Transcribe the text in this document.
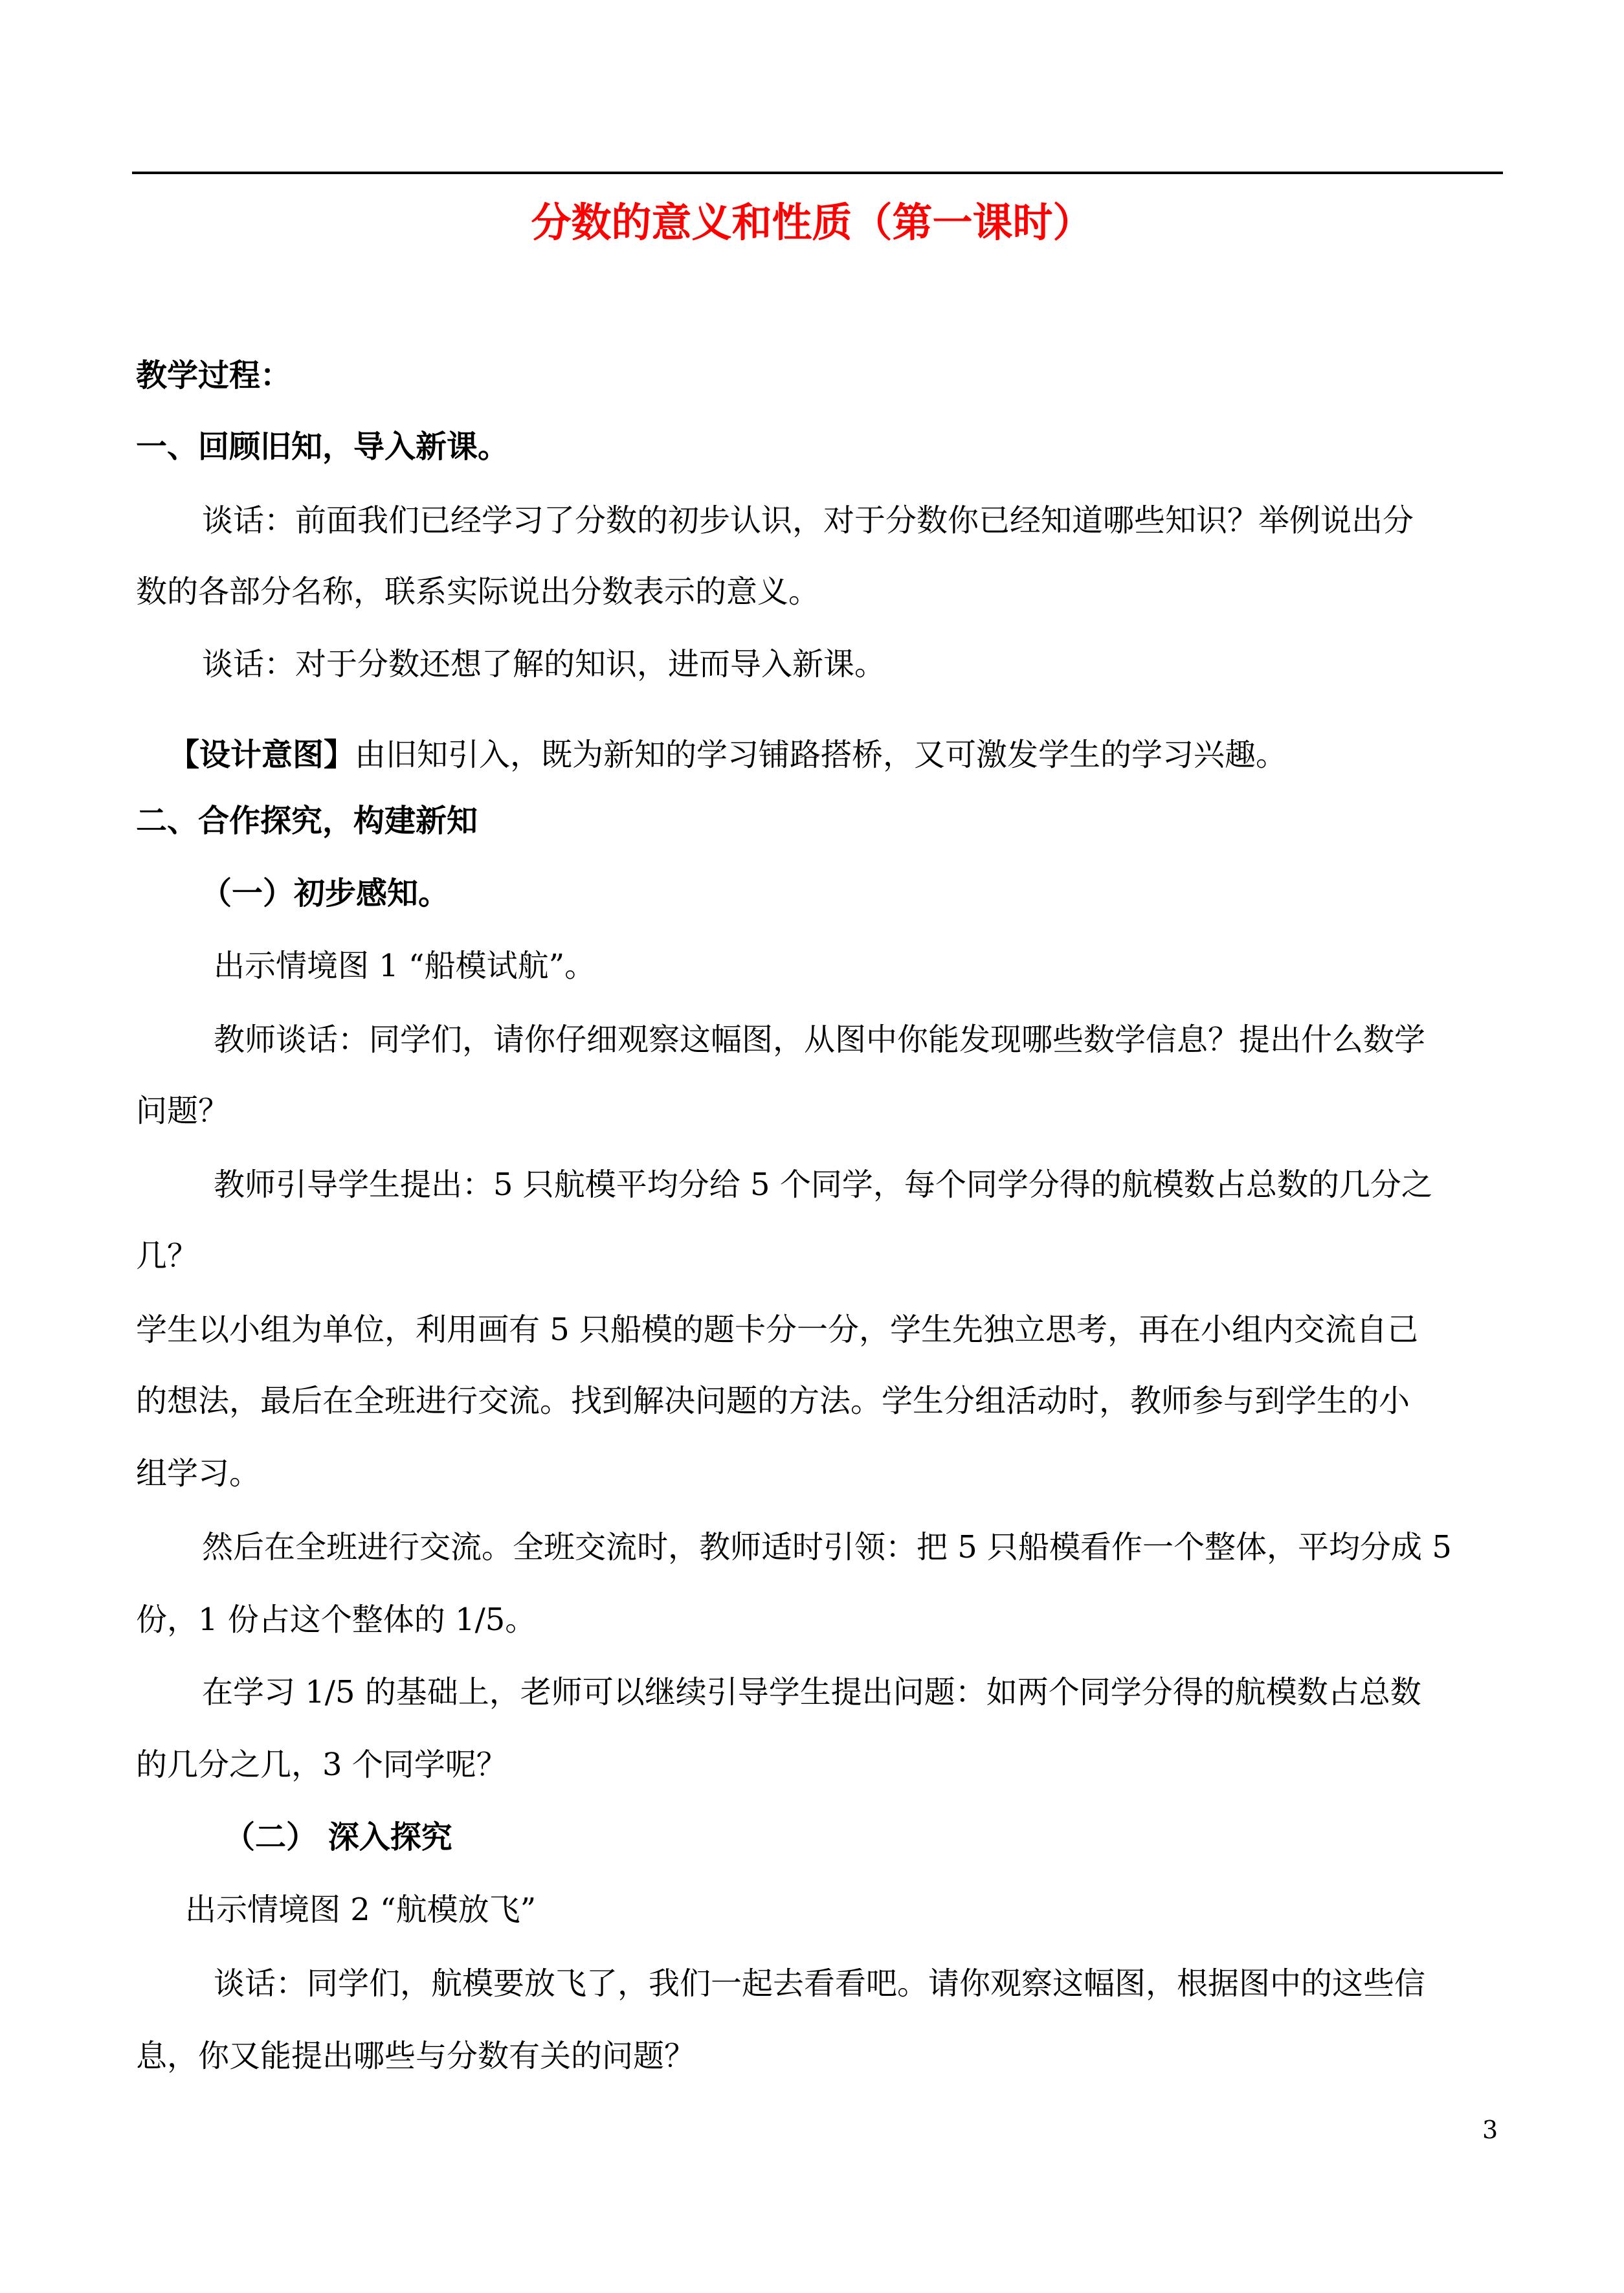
分数的意义和性质（第一课时）
教学过程：
一、回顾旧知，导入新课。
谈话：前面我们已经学习了分数的初步认识，对于分数你已经知道哪些知识？举例说出分
数的各部分名称，联系实际说出分数表示的意义。
谈话：对于分数还想了解的知识，进而导入新课。
【设计意图】由旧知引入，既为新知的学习铺路搭桥，又可激发学生的学习兴趣。
二、合作探究，构建新知
（一）初步感知。
出示情境图 1 “船模试航”。
教师谈话：同学们，请你仔细观察这幅图，从图中你能发现哪些数学信息？提出什么数学
问题？
教师引导学生提出：5 只航模平均分给 5 个同学，每个同学分得的航模数占总数的几分之
几？
学生以小组为单位，利用画有 5 只船模的题卡分一分，学生先独立思考，再在小组内交流自己
的想法，最后在全班进行交流。找到解决问题的方法。学生分组活动时，教师参与到学生的小
组学习。
然后在全班进行交流。全班交流时，教师适时引领：把 5 只船模看作一个整体，平均分成 5
份，1 份占这个整体的 1/5。
在学习 1/5 的基础上，老师可以继续引导学生提出问题：如两个同学分得的航模数占总数
的几分之几，3 个同学呢？
（二） 深入探究
出示情境图 2 “航模放飞”
谈话：同学们，航模要放飞了，我们一起去看看吧。请你观察这幅图，根据图中的这些信
息，你又能提出哪些与分数有关的问题？
3
